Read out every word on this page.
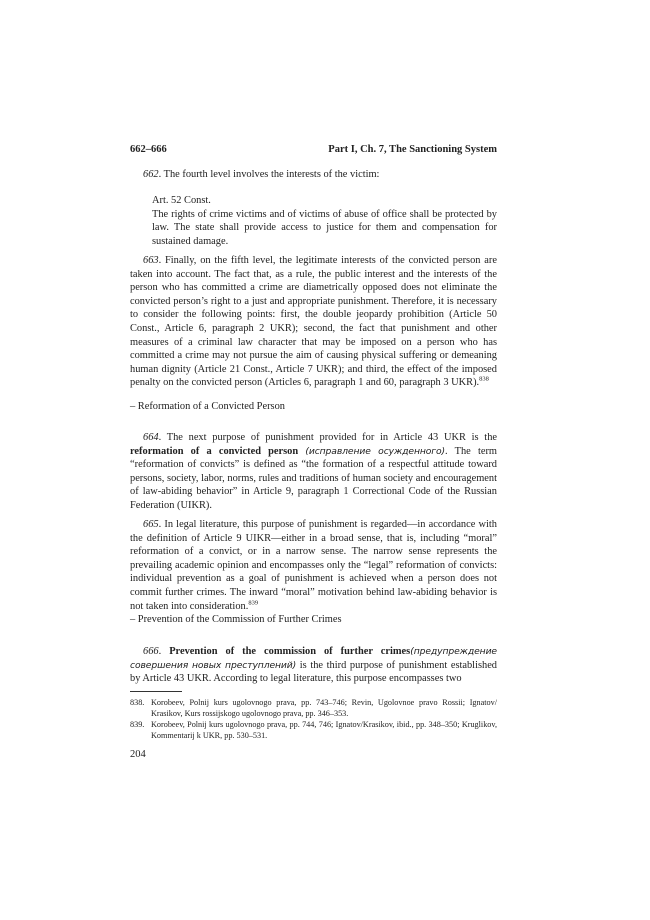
662–666	Part I, Ch. 7, The Sanctioning System
662. The fourth level involves the interests of the victim:
Art. 52 Const.
The rights of crime victims and of victims of abuse of office shall be protected by law. The state shall provide access to justice for them and compensation for sustained damage.
663. Finally, on the fifth level, the legitimate interests of the convicted person are taken into account. The fact that, as a rule, the public interest and the interests of the person who has committed a crime are diametrically opposed does not eliminate the convicted person’s right to a just and appropriate punishment. Therefore, it is necessary to consider the following points: first, the double jeopardy prohibition (Article 50 Const., Article 6, paragraph 2 UKR); second, the fact that punishment and other measures of a criminal law character that may be imposed on a person who has committed a crime may not pursue the aim of causing physical suffering or demeaning human dignity (Article 21 Const., Article 7 UKR); and third, the effect of the imposed penalty on the convicted person (Articles 6, paragraph 1 and 60, paragraph 3 UKR).$^{838}$
– Reformation of a Convicted Person
664. The next purpose of punishment provided for in Article 43 UKR is the reformation of a convicted person (исправление осужденного). The term “reformation of convicts” is defined as “the formation of a respectful attitude toward persons, society, labor, norms, rules and traditions of human society and encouragement of law-abiding behavior” in Article 9, paragraph 1 Correctional Code of the Russian Federation (UIKR).
665. In legal literature, this purpose of punishment is regarded—in accordance with the definition of Article 9 UIKR—either in a broad sense, that is, including “moral” reformation of a convict, or in a narrow sense. The narrow sense represents the prevailing academic opinion and encompasses only the “legal” reformation of convicts: individual prevention as a goal of punishment is achieved when a person does not commit further crimes. The inward “moral” motivation behind law-abiding behavior is not taken into consideration.$^{839}$
– Prevention of the Commission of Further Crimes
666. Prevention of the commission of further crimes(предупреждение совершения новых преступлений) is the third purpose of punishment established by Article 43 UKR. According to legal literature, this purpose encompasses two
838. Korobeev, Polnij kurs ugolovnogo prava, pp. 743–746; Revin, Ugolovnoe pravo Rossii; Ignatov/ Krasikov, Kurs rossijskogo ugolovnogo prava, pp. 346–353.
839. Korobeev, Polnij kurs ugolovnogo prava, pp. 744, 746; Ignatov/Krasikov, ibid., pp. 348–350; Kruglikov, Kommentarij k UKR, pp. 530–531.
204
